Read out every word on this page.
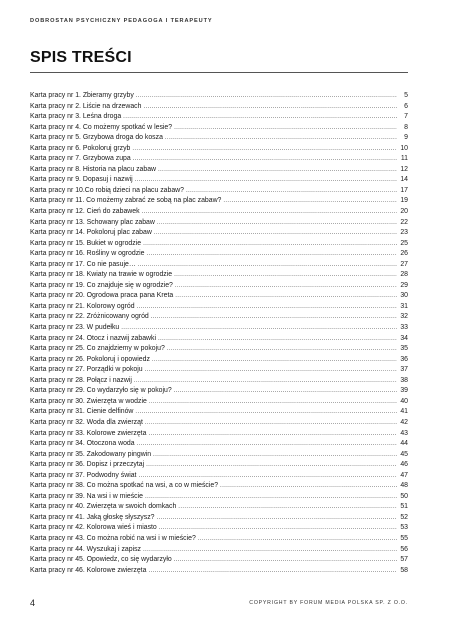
DOBROSTAN PSYCHICZNY PEDAGOGA I TERAPEUTY
SPIS TREŚCI
Karta pracy nr 1. Zbieramy grzyby .....	5
Karta pracy nr 2. Liście na drzewach .....	6
Karta pracy nr 3. Leśna droga .....	7
Karta pracy nr 4. Co możemy spotkać w lesie? .....	8
Karta pracy nr 5. Grzybowa droga do kosza .....	9
Karta pracy nr 6. Pokoloruj grzyb .....	10
Karta pracy nr 7. Grzybowa zupa .....	11
Karta pracy nr 8. Historia na placu zabaw .....	12
Karta pracy nr 9. Dopasuj i nazwij .....	14
Karta pracy nr 10.Co robią dzieci na placu zabaw? .....	17
Karta pracy nr 11. Co możemy zabrać ze sobą na plac zabaw? .....	19
Karta pracy nr 12. Cień do zabawek .....	20
Karta pracy nr 13. Schowany plac zabaw .....	22
Karta pracy nr 14. Pokoloruj plac zabaw .....	23
Karta pracy nr 15. Bukiet w ogrodzie .....	25
Karta pracy nr 16. Rośliny w ogrodzie .....	26
Karta pracy nr 17. Co nie pasuje… .....	27
Karta pracy nr 18. Kwiaty na trawie w ogrodzie .....	28
Karta pracy nr 19. Co znajduje się w ogrodzie? .....	29
Karta pracy nr 20. Ogrodowa praca pana Kreta .....	30
Karta pracy nr 21. Kolorowy ogród .....	31
Karta pracy nr 22. Zróżnicowany ogród .....	32
Karta pracy nr 23. W pudełku .....	33
Karta pracy nr 24. Otocz i nazwij zabawki .....	34
Karta pracy nr 25. Co znajdziemy w pokoju? .....	35
Karta pracy nr 26. Pokoloruj i opowiedz .....	36
Karta pracy nr 27. Porządki w pokoju .....	37
Karta pracy nr 28. Połącz i nazwij .....	38
Karta pracy nr 29. Co wydarzyło się w pokoju? .....	39
Karta pracy nr 30. Zwierzęta w wodzie .....	40
Karta pracy nr 31. Cienie delfinów .....	41
Karta pracy nr 32. Woda dla zwierząt .....	42
Karta pracy nr 33. Kolorowe zwierzęta .....	43
Karta pracy nr 34. Otoczona woda .....	44
Karta pracy nr 35. Zakodowany pingwin .....	45
Karta pracy nr 36. Dopisz i przeczytaj .....	46
Karta pracy nr 37. Podwodny świat .....	47
Karta pracy nr 38. Co można spotkać na wsi, a co w mieście? .....	48
Karta pracy nr 39. Na wsi i w mieście .....	50
Karta pracy nr 40. Zwierzęta w swoich domkach .....	51
Karta pracy nr 41. Jaką głoskę słyszysz? .....	52
Karta pracy nr 42. Kolorowa wieś i miasto .....	53
Karta pracy nr 43. Co można robić na wsi i w mieście? .....	55
Karta pracy nr 44. Wyszukaj i zapisz .....	56
Karta pracy nr 45. Opowiedz, co się wydarzyło .....	57
Karta pracy nr 46. Kolorowe zwierzęta .....	58
4	COPYRIGHT BY FORUM MEDIA POLSKA SP. Z O.O.
